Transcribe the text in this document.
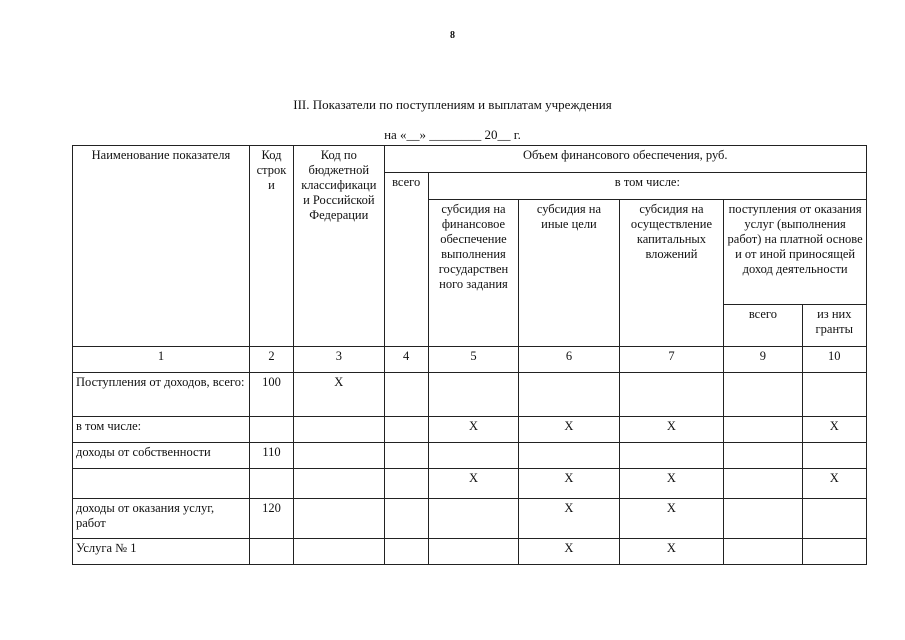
8
III. Показатели по поступлениям и выплатам учреждения
на «__» ________ 20__ г.
Наименование показателя	Код строк и	Код по бюджетной классификаци и Российской Федерации	Объем финансового обеспечения, руб.					
			всего	в том числе:				
				субсидия на финансовое обеспечение выполнения государствен ного задания	субсидия на иные цели	субсидия на осуществление капитальных вложений	поступления от оказания услуг (выполнения работ) на платной основе и от иной приносящей доход деятельности	
							всего	из них гранты
1	2	3	4	5	6	7	9	10
Поступления от доходов, всего:	100	X						
в том числе:				X	X	X		X
доходы от собственности	110							
				X	X	X		X
доходы от оказания услуг, работ	120				X	X		
Услуга № 1					X	X		
